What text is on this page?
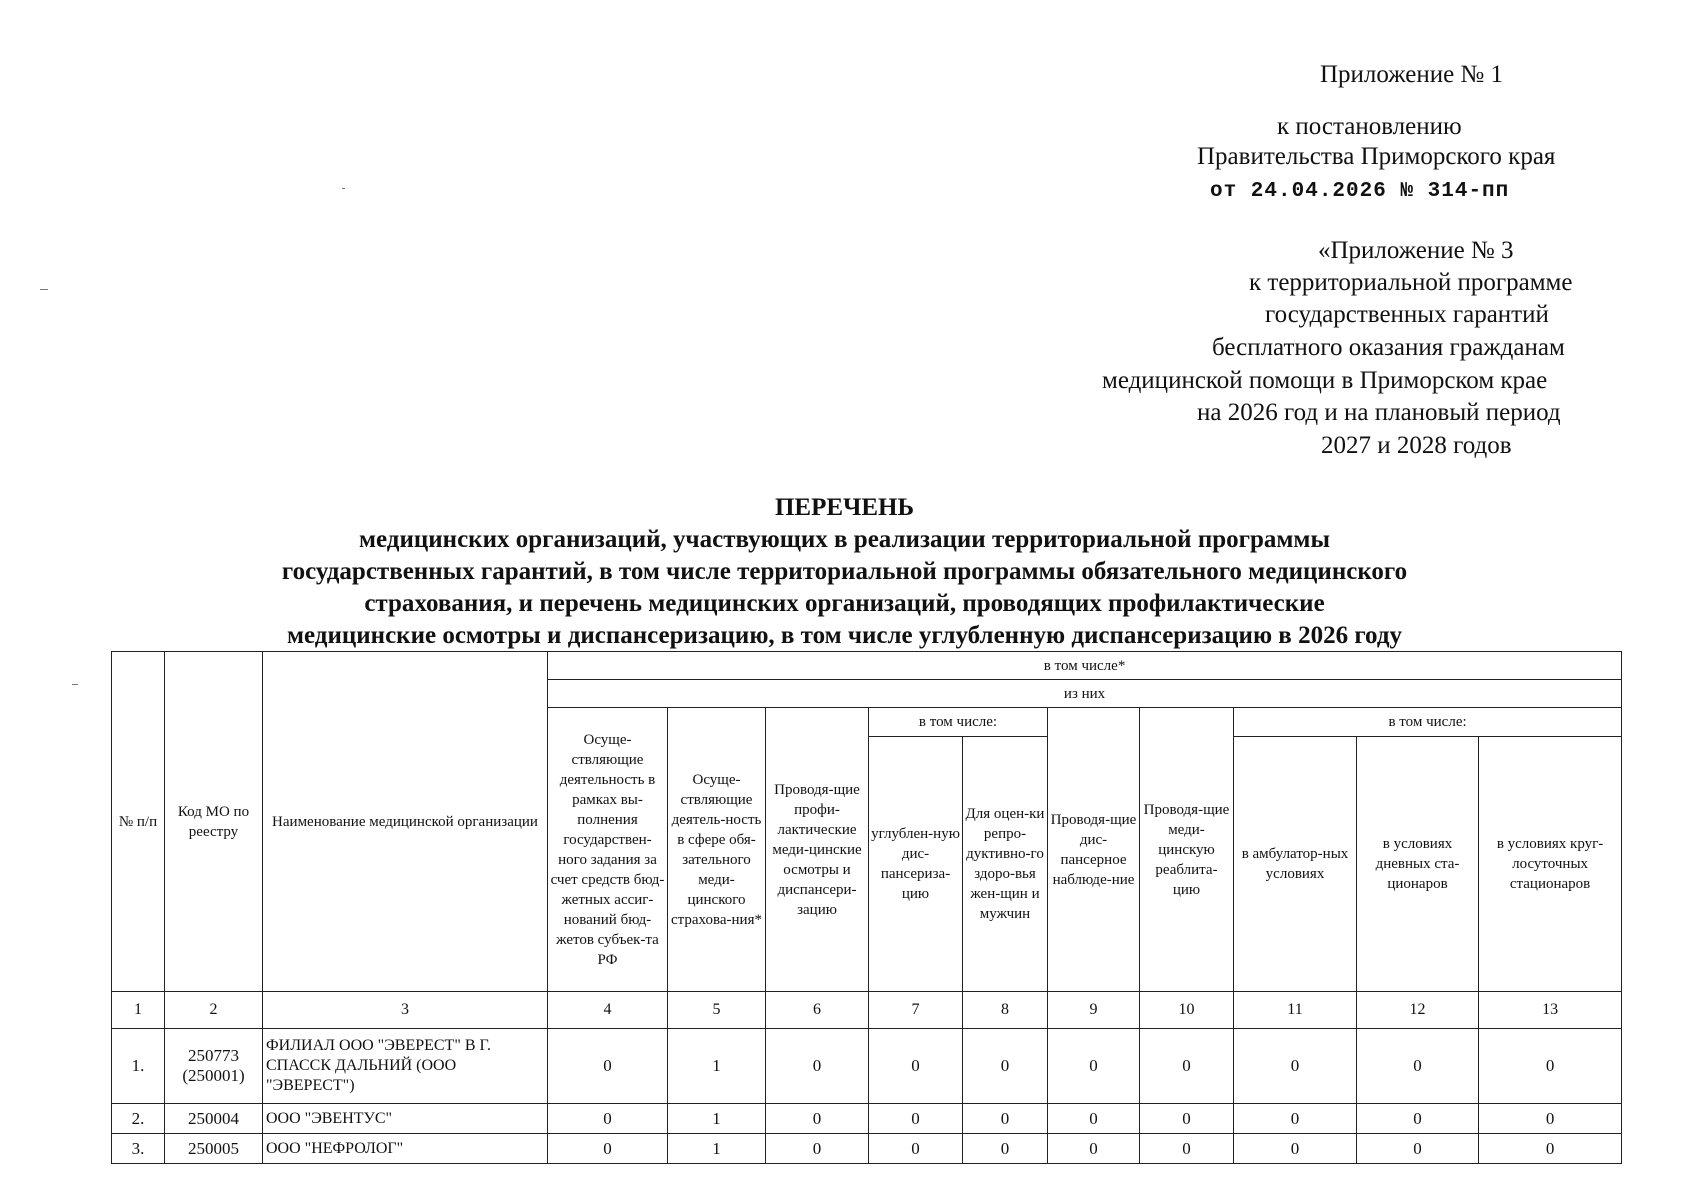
Приложение № 1
к постановлению
Правительства Приморского края
от 24.04.2026 № 314-пп
«Приложение № 3
к территориальной программе
государственных гарантий
бесплатного оказания гражданам
медицинской помощи в Приморском крае
на 2026 год и на плановый период
2027 и 2028 годов
ПЕРЕЧЕНЬ
медицинских организаций, участвующих в реализации территориальной программы
государственных гарантий, в том числе территориальной программы обязательного медицинского
страхования, и перечень медицинских организаций, проводящих профилактические
медицинские осмотры и диспансеризацию, в том числе углубленную диспансеризацию в 2026 году
№ п/п	Код МО по реестру	Наименование медицинской организации	в том числе*									
			из них									
			Осуще-ствляющие деятельность в рамках вы-полнения государствен-ного задания за счет средств бюд-жетных ассиг-нований бюд-жетов субъек-та РФ	Осуще-ствляющие деятель-ность в сфере обя-зательного меди-цинского страхова-ния*	Проводя-щие профи-лактические меди-цинские осмотры и диспансери-зацию	в том числе:		Проводя-щие дис-пансерное наблюде-ние	Проводя-щие меди-цинскую реаблита-цию	в том числе:		
						углублен-ную дис-пансериза-цию	Для оцен-ки репро-дуктивно-го здоро-вья жен-щин и мужчин			в амбулатор-ных условиях	в условиях дневных ста-ционаров	в условиях круг-лосуточных стационаров
1	2	3	4	5	6	7	8	9	10	11	12	13
1.	250773 (250001)	ФИЛИАЛ ООО "ЭВЕРЕСТ" В Г. СПАССК ДАЛЬНИЙ (ООО "ЭВЕРЕСТ")	0	1	0	0	0	0	0	0	0	0
2.	250004	ООО "ЭВЕНТУС"	0	1	0	0	0	0	0	0	0	0
3.	250005	ООО "НЕФРОЛОГ"	0	1	0	0	0	0	0	0	0	0
